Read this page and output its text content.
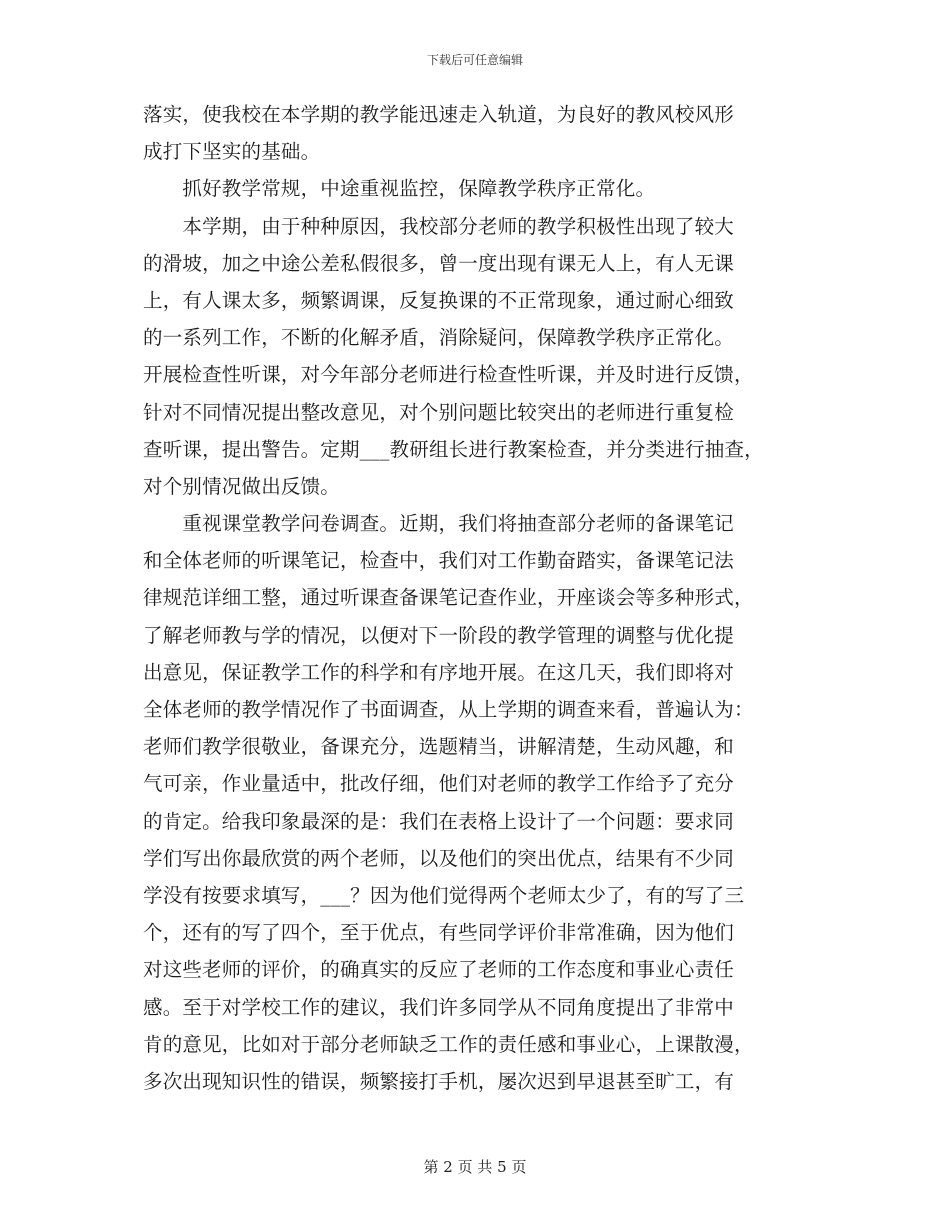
下载后可任意编辑
落实，使我校在本学期的教学能迅速走入轨道，为良好的教风校风形
成打下坚实的基础。
　　抓好教学常规，中途重视监控，保障教学秩序正常化。
　　本学期，由于种种原因，我校部分老师的教学积极性出现了较大
的滑坡，加之中途公差私假很多，曾一度出现有课无人上，有人无课
上，有人课太多，频繁调课，反复换课的不正常现象，通过耐心细致
的一系列工作，不断的化解矛盾，消除疑问，保障教学秩序正常化。
开展检查性听课，对今年部分老师进行检查性听课，并及时进行反馈，
针对不同情况提出整改意见，对个别问题比较突出的老师进行重复检
查听课，提出警告。定期___教研组长进行教案检查，并分类进行抽查，
对个别情况做出反馈。
　　重视课堂教学问卷调查。近期，我们将抽查部分老师的备课笔记
和全体老师的听课笔记，检查中，我们对工作勤奋踏实，备课笔记法
律规范详细工整，通过听课查备课笔记查作业，开座谈会等多种形式，
了解老师教与学的情况，以便对下一阶段的教学管理的调整与优化提
出意见，保证教学工作的科学和有序地开展。在这几天，我们即将对
全体老师的教学情况作了书面调查，从上学期的调查来看，普遍认为：
老师们教学很敬业，备课充分，选题精当，讲解清楚，生动风趣，和
气可亲，作业量适中，批改仔细，他们对老师的教学工作给予了充分
的肯定。给我印象最深的是：我们在表格上设计了一个问题：要求同
学们写出你最欣赏的两个老师，以及他们的突出优点，结果有不少同
学没有按要求填写，___？因为他们觉得两个老师太少了，有的写了三
个，还有的写了四个，至于优点，有些同学评价非常准确，因为他们
对这些老师的评价，的确真实的反应了老师的工作态度和事业心责任
感。至于对学校工作的建议，我们许多同学从不同角度提出了非常中
肯的意见，比如对于部分老师缺乏工作的责任感和事业心，上课散漫，
多次出现知识性的错误，频繁接打手机，屡次迟到早退甚至旷工，有
第 2 页 共 5 页
